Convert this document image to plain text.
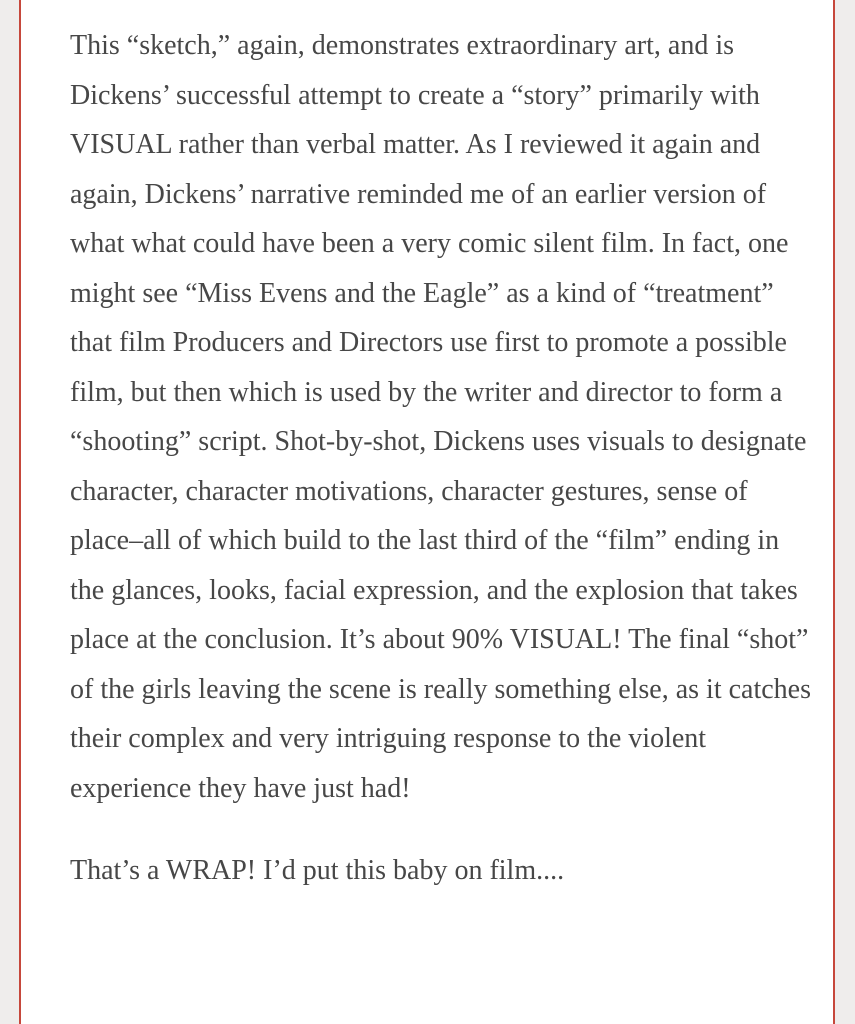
This “sketch,” again, demonstrates extraordinary art, and is Dickens’ successful attempt to create a “story” primarily with VISUAL rather than verbal matter. As I reviewed it again and again, Dickens’ narrative reminded me of an earlier version of what what could have been a very comic silent film. In fact, one might see “Miss Evens and the Eagle” as a kind of “treatment” that film Producers and Directors use first to promote a possible film, but then which is used by the writer and director to form a “shooting” script. Shot-by-shot, Dickens uses visuals to designate character, character motivations, character gestures, sense of place–all of which build to the last third of the “film” ending in the glances, looks, facial expression, and the explosion that takes place at the conclusion. It’s about 90% VISUAL! The final “shot” of the girls leaving the scene is really something else, as it catches their complex and very intriguing response to the violent experience they have just had!

That’s a WRAP! I’d put this baby on film....
